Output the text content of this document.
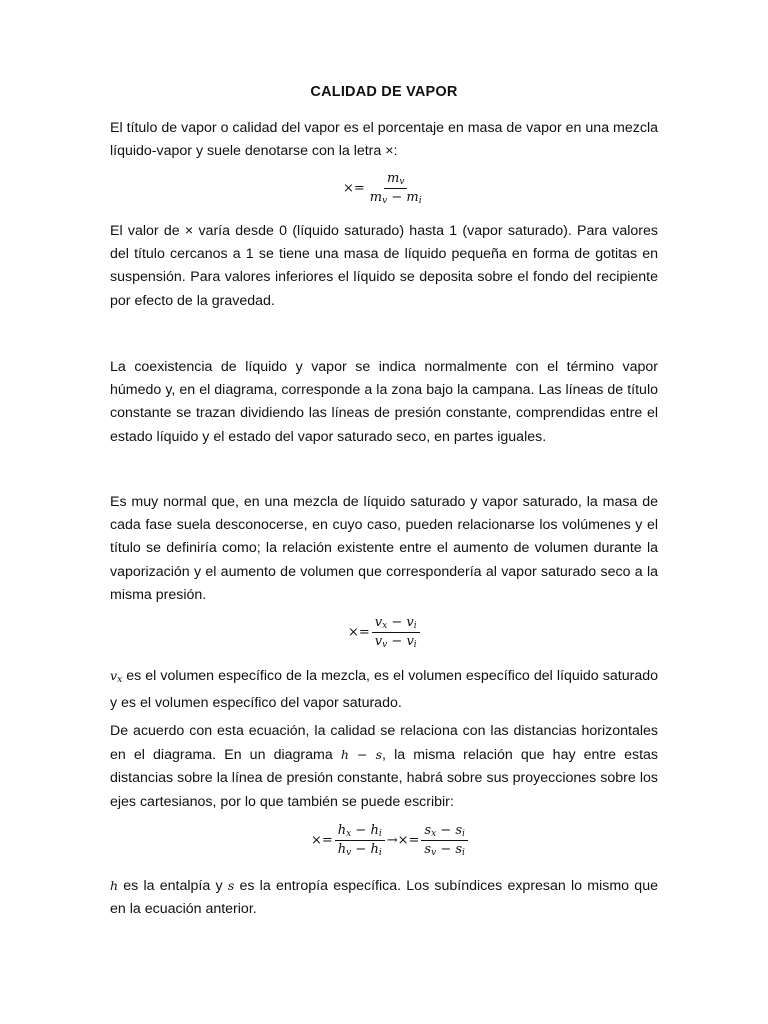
CALIDAD DE VAPOR

El título de vapor o calidad del vapor es el porcentaje en masa de vapor en una mezcla líquido-vapor y suele denotarse con la letra ×:

×= $\frac{m_v}{m_v - m_i}$

El valor de × varía desde 0 (líquido saturado) hasta 1 (vapor saturado). Para valores del título cercanos a 1 se tiene una masa de líquido pequeña en forma de gotitas en suspensión. Para valores inferiores el líquido se deposita sobre el fondo del recipiente por efecto de la gravedad.

La coexistencia de líquido y vapor se indica normalmente con el término vapor húmedo y, en el diagrama, corresponde a la zona bajo la campana. Las líneas de título constante se trazan dividiendo las líneas de presión constante, comprendidas entre el estado líquido y el estado del vapor saturado seco, en partes iguales.

Es muy normal que, en una mezcla de líquido saturado y vapor saturado, la masa de cada fase suela desconocerse, en cuyo caso, pueden relacionarse los volúmenes y el título se definiría como; la relación existente entre el aumento de volumen durante la vaporización y el aumento de volumen que correspondería al vapor saturado seco a la misma presión.

×= $\frac{v_x - v_i}{v_v - v_i}$

$v_x$ es el volumen específico de la mezcla, es el volumen específico del líquido saturado y es el volumen específico del vapor saturado.

De acuerdo con esta ecuación, la calidad se relaciona con las distancias horizontales en el diagrama. En un diagrama h − s, la misma relación que hay entre estas distancias sobre la línea de presión constante, habrá sobre sus proyecciones sobre los ejes cartesianos, por lo que también se puede escribir:

×= $\frac{h_x - h_i}{h_v - h_i}$ →×= $\frac{s_x - s_i}{s_v - s_i}$

h es la entalpía y s es la entropía específica. Los subíndices expresan lo mismo que en la ecuación anterior.
